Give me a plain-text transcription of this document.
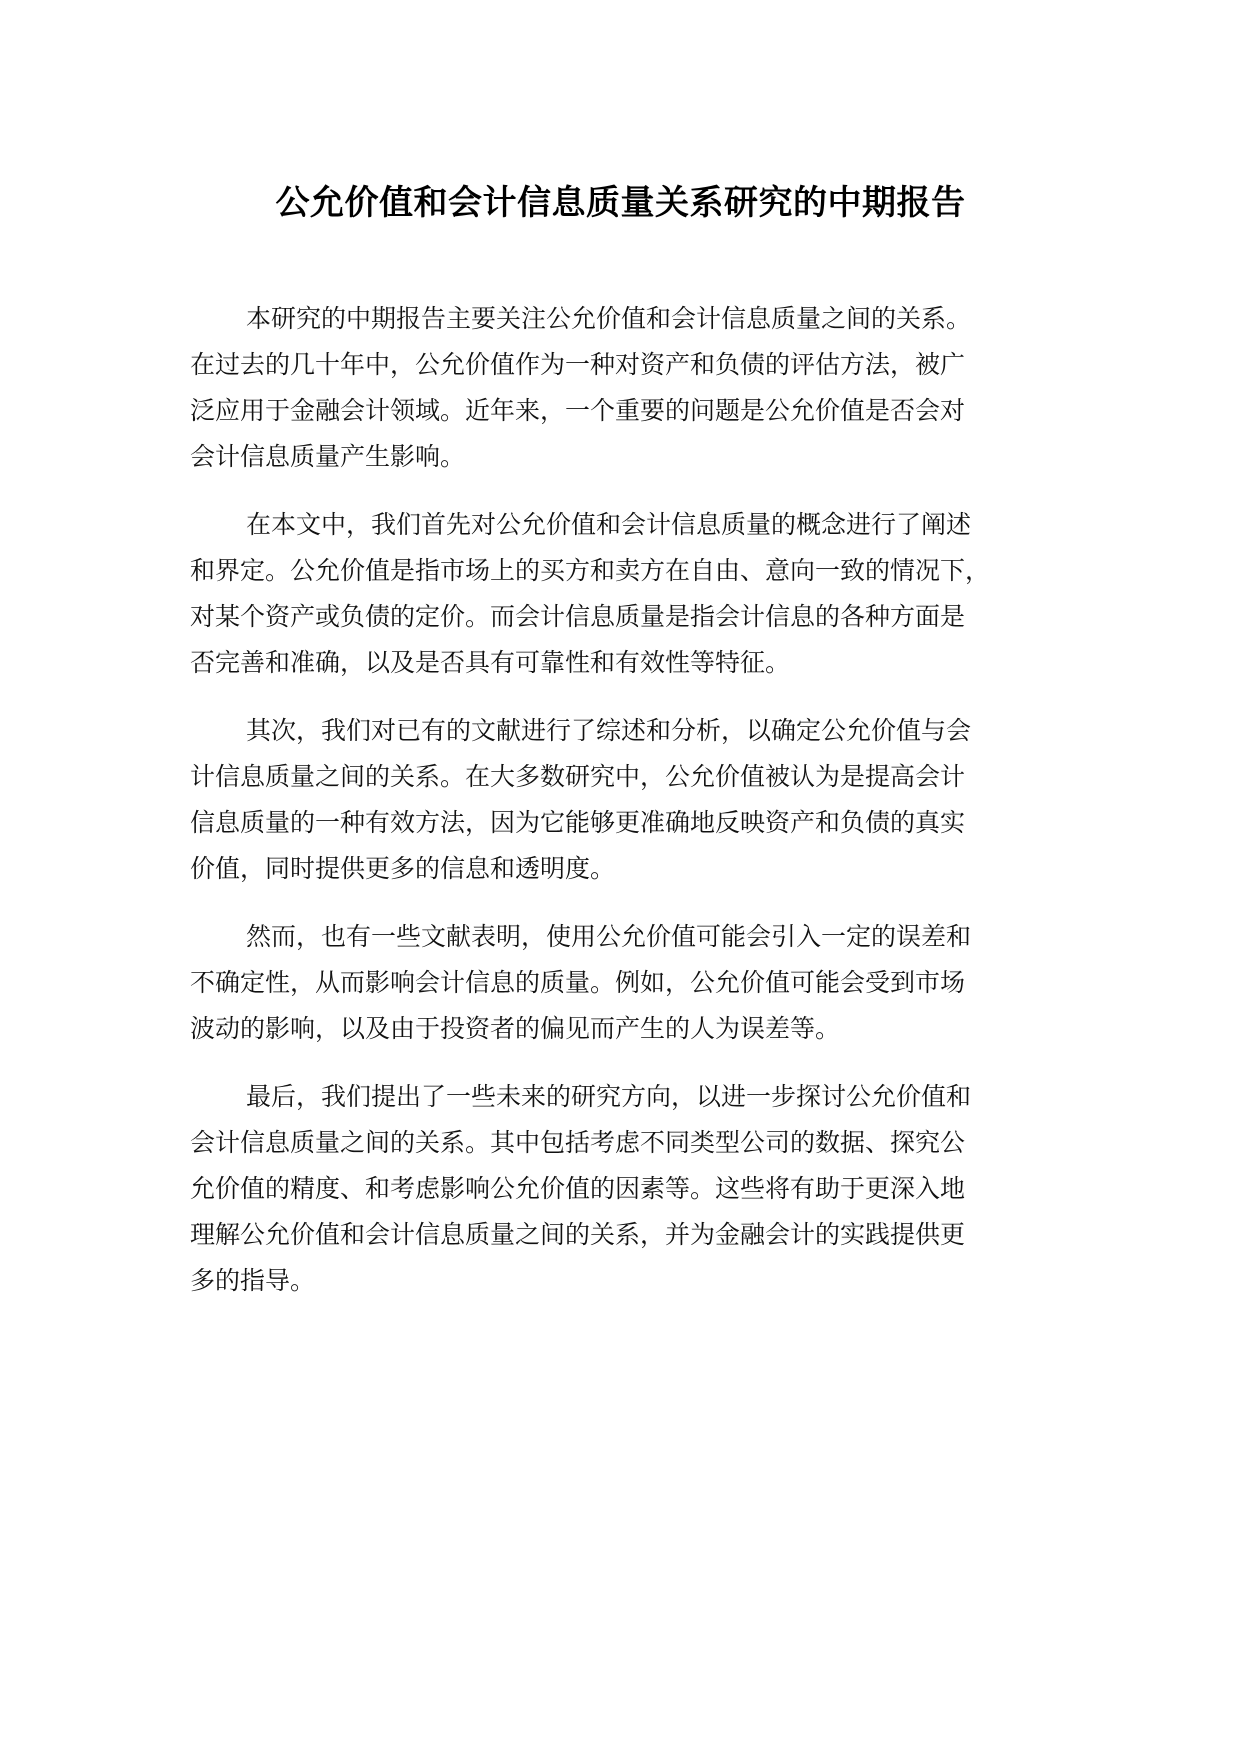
公允价值和会计信息质量关系研究的中期报告
本研究的中期报告主要关注公允价值和会计信息质量之间的关系。
在过去的几十年中，公允价值作为一种对资产和负债的评估方法，被广
泛应用于金融会计领域。近年来，一个重要的问题是公允价值是否会对
会计信息质量产生影响。
在本文中，我们首先对公允价值和会计信息质量的概念进行了阐述
和界定。公允价值是指市场上的买方和卖方在自由、意向一致的情况下，
对某个资产或负债的定价。而会计信息质量是指会计信息的各种方面是
否完善和准确，以及是否具有可靠性和有效性等特征。
其次，我们对已有的文献进行了综述和分析，以确定公允价值与会
计信息质量之间的关系。在大多数研究中，公允价值被认为是提高会计
信息质量的一种有效方法，因为它能够更准确地反映资产和负债的真实
价值，同时提供更多的信息和透明度。
然而，也有一些文献表明，使用公允价值可能会引入一定的误差和
不确定性，从而影响会计信息的质量。例如，公允价值可能会受到市场
波动的影响，以及由于投资者的偏见而产生的人为误差等。
最后，我们提出了一些未来的研究方向，以进一步探讨公允价值和
会计信息质量之间的关系。其中包括考虑不同类型公司的数据、探究公
允价值的精度、和考虑影响公允价值的因素等。这些将有助于更深入地
理解公允价值和会计信息质量之间的关系，并为金融会计的实践提供更
多的指导。
